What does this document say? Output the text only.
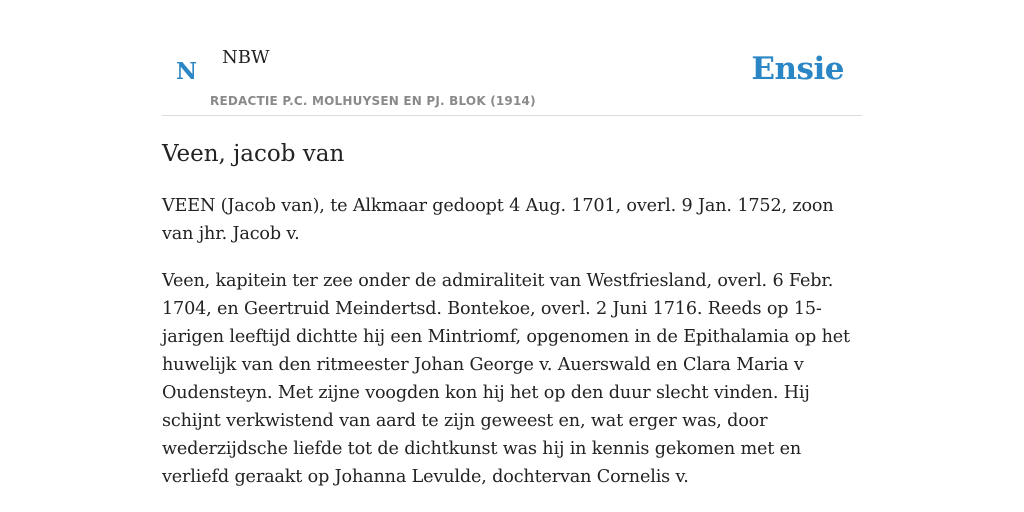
N
NBW
REDACTIE P.C. MOLHUYSEN EN PJ. BLOK (1914)
Ensie
Veen, jacob van

VEEN (Jacob van), te Alkmaar gedoopt 4 Aug. 1701, overl. 9 Jan. 1752, zoon van jhr. Jacob v.

Veen, kapitein ter zee onder de admiraliteit van Westfriesland, overl. 6 Febr. 1704, en Geertruid Meindertsd. Bontekoe, overl. 2 Juni 1716. Reeds op 15-jarigen leeftijd dichtte hij een Mintriomf, opgenomen in de Epithalamia op het huwelijk van den ritmeester Johan George v. Auerswald en Clara Maria v Oudensteyn. Met zijne voogden kon hij het op den duur slecht vinden. Hij schijnt verkwistend van aard te zijn geweest en, wat erger was, door wederzijdsche liefde tot de dichtkunst was hij in kennis gekomen met en verliefd geraakt op Johanna Levulde, dochtervan Cornelis v.
